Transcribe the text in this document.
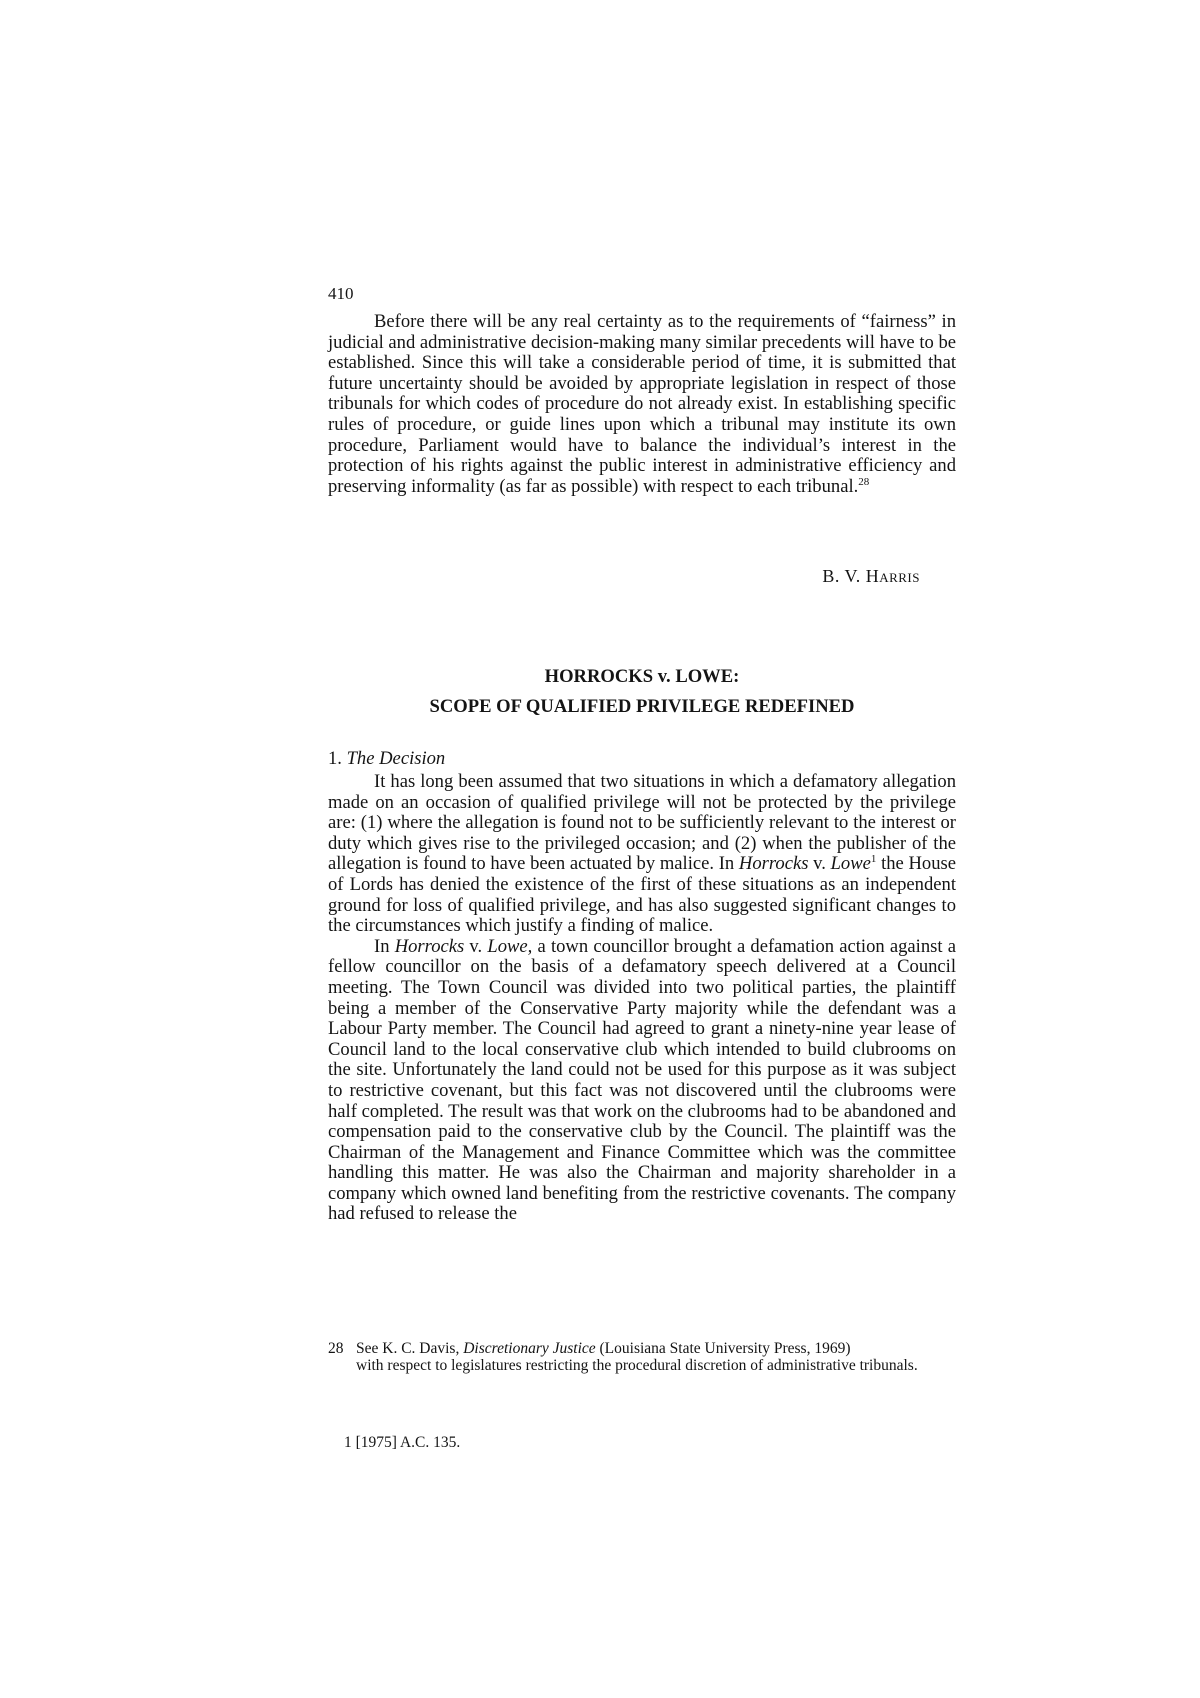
410

Before there will be any real certainty as to the requirements of “fairness” in judicial and administrative decision-making many similar precedents will have to be established. Since this will take a considerable period of time, it is submitted that future uncertainty should be avoided by appropriate legislation in respect of those tribunals for which codes of procedure do not already exist. In establishing specific rules of procedure, or guide lines upon which a tribunal may institute its own procedure, Parliament would have to balance the individual’s interest in the protection of his rights against the public interest in administrative efficiency and preserving informality (as far as possible) with respect to each tribunal.$^{28}$

B. V. Harris

HORROCKS v. LOWE:

SCOPE OF QUALIFIED PRIVILEGE REDEFINED

1. The Decision

It has long been assumed that two situations in which a defamatory allegation made on an occasion of qualified privilege will not be protected by the privilege are: (1) where the allegation is found not to be sufficiently relevant to the interest or duty which gives rise to the privileged occasion; and (2) when the publisher of the allegation is found to have been actuated by malice. In Horrocks v. Lowe$^1$ the House of Lords has denied the existence of the first of these situations as an independent ground for loss of qualified privilege, and has also suggested significant changes to the circumstances which justify a finding of malice.

In Horrocks v. Lowe, a town councillor brought a defamation action against a fellow councillor on the basis of a defamatory speech delivered at a Council meeting. The Town Council was divided into two political parties, the plaintiff being a member of the Conservative Party majority while the defendant was a Labour Party member. The Council had agreed to grant a ninety-nine year lease of Council land to the local conservative club which intended to build clubrooms on the site. Unfortunately the land could not be used for this purpose as it was subject to restrictive covenant, but this fact was not discovered until the clubrooms were half completed. The result was that work on the clubrooms had to be abandoned and compensation paid to the conservative club by the Council. The plaintiff was the Chairman of the Management and Finance Committee which was the committee handling this matter. He was also the Chairman and majority shareholder in a company which owned land benefiting from the restrictive covenants. The company had refused to release the

28 See K. C. Davis, Discretionary Justice (Louisiana State University Press, 1969)
with respect to legislatures restricting the procedural discretion of administrative tribunals.

1 [1975] A.C. 135.
